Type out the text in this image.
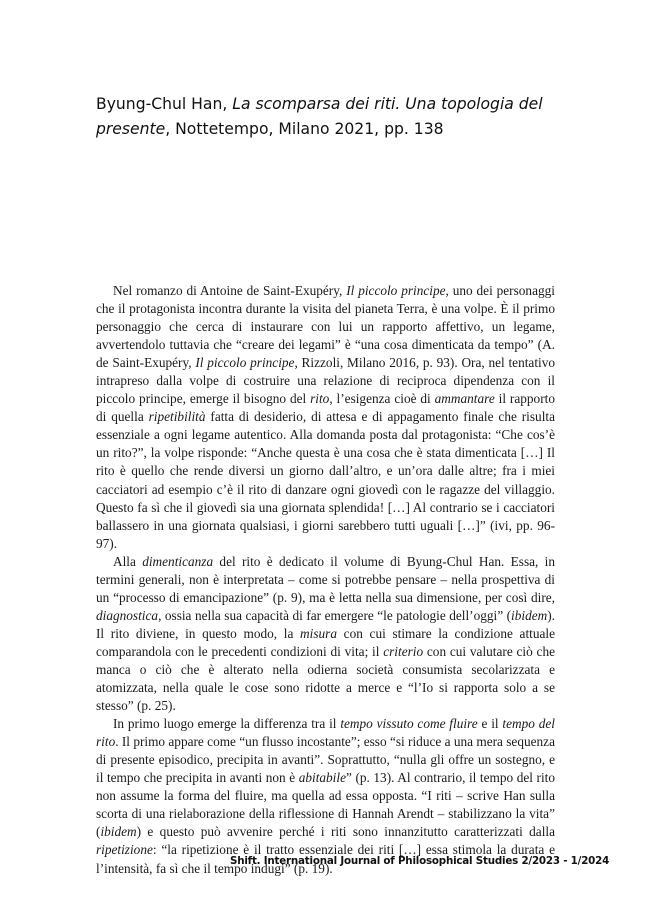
Byung-Chul Han, La scomparsa dei riti. Una topologia del presente, Nottetempo, Milano 2021, pp. 138

Nel romanzo di Antoine de Saint-Exupéry, Il piccolo principe, uno dei personaggi che il protagonista incontra durante la visita del pianeta Terra, è una volpe. È il primo personaggio che cerca di instaurare con lui un rapporto affettivo, un legame, avvertendolo tuttavia che “creare dei legami” è “una cosa dimenticata da tempo” (A. de Saint-Exupéry, Il piccolo principe, Rizzoli, Milano 2016, p. 93). Ora, nel tentativo intrapreso dalla volpe di costruire una relazione di reciproca dipendenza con il piccolo principe, emerge il bisogno del rito, l’esigenza cioè di ammantare il rapporto di quella ripetibilità fatta di desiderio, di attesa e di appagamento finale che risulta essenziale a ogni legame autentico. Alla domanda posta dal protagonista: “Che cos’è un rito?”, la volpe risponde: “Anche questa è una cosa che è stata dimenticata […] Il rito è quello che rende diversi un giorno dall’altro, e un’ora dalle altre; fra i miei cacciatori ad esempio c’è il rito di danzare ogni giovedì con le ragazze del villaggio. Questo fa sì che il giovedì sia una giornata splendida! […] Al contrario se i cacciatori ballassero in una giornata qualsiasi, i giorni sarebbero tutti uguali […]” (ivi, pp. 96-97).

Alla dimenticanza del rito è dedicato il volume di Byung-Chul Han. Essa, in termini generali, non è interpretata – come si potrebbe pensare – nella prospettiva di un “processo di emancipazione” (p. 9), ma è letta nella sua dimensione, per così dire, diagnostica, ossia nella sua capacità di far emergere “le patologie dell’oggi” (ibidem). Il rito diviene, in questo modo, la misura con cui stimare la condizione attuale comparandola con le precedenti condizioni di vita; il criterio con cui valutare ciò che manca o ciò che è alterato nella odierna società consumista secolarizzata e atomizzata, nella quale le cose sono ridotte a merce e “l’Io si rapporta solo a se stesso” (p. 25).

In primo luogo emerge la differenza tra il tempo vissuto come fluire e il tempo del rito. Il primo appare come “un flusso incostante”; esso “si riduce a una mera sequenza di presente episodico, precipita in avanti”. Soprattutto, “nulla gli offre un sostegno, e il tempo che precipita in avanti non è abitabile” (p. 13). Al contrario, il tempo del rito non assume la forma del fluire, ma quella ad essa opposta. “I riti – scrive Han sulla scorta di una rielaborazione della riflessione di Hannah Arendt – stabilizzano la vita” (ibidem) e questo può avvenire perché i riti sono innanzitutto caratterizzati dalla ripetizione: “la ripetizione è il tratto essenziale dei riti […] essa stimola la durata e l’intensità, fa sì che il tempo indugi” (p. 19).

Shift. International Journal of Philosophical Studies 2/2023 - 1/2024
